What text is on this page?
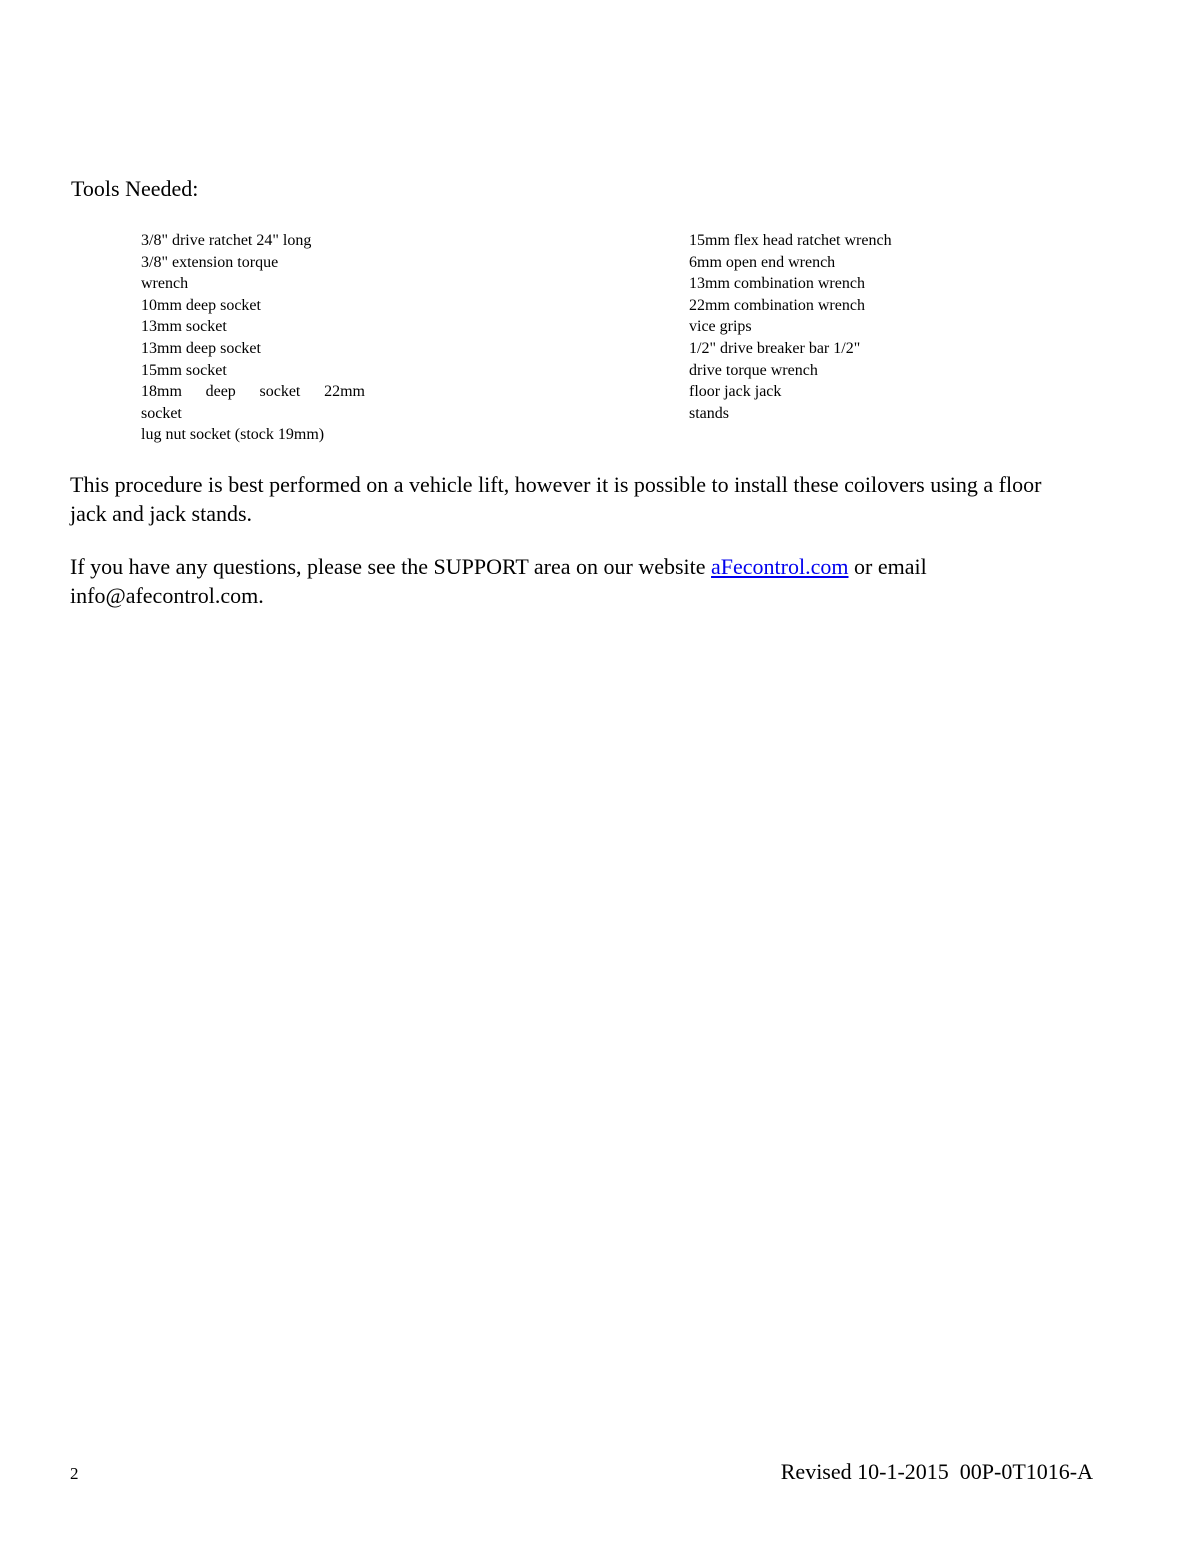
Tools Needed:
3/8" drive ratchet 24" long
3/8" extension torque
wrench
10mm deep socket
13mm socket
13mm deep socket
15mm socket
18mm deep socket 22mm
socket
lug nut socket (stock 19mm)
15mm flex head ratchet wrench
6mm open end wrench
13mm combination wrench
22mm combination wrench
vice grips
1/2" drive breaker bar 1/2"
drive torque wrench
floor jack jack
stands

This procedure is best performed on a vehicle lift, however it is possible to install these coilovers using a floor jack and jack stands.

If you have any questions, please see the SUPPORT area on our website aFecontrol.com or email info@afecontrol.com.

2	Revised 10-1-2015  00P-0T1016-A
